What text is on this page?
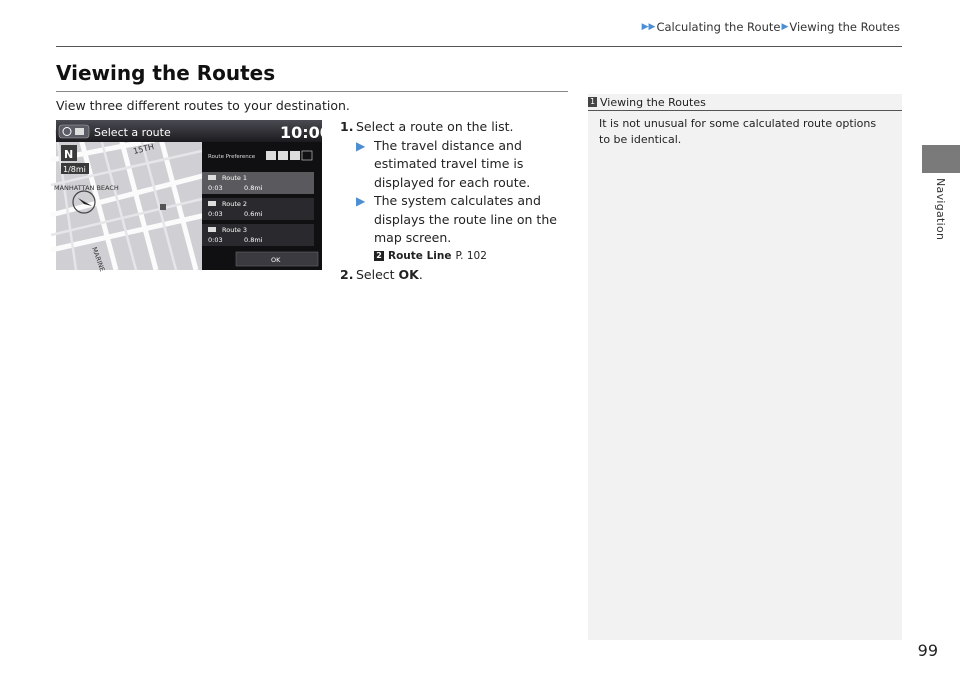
▶▶ Calculating the Route ▶ Viewing the Routes
Navigation
Viewing the Routes
View three different routes to your destination.
Select a route	10:00
N
1/8mi
15TH
MANHATTAN BEACH
MARINE
Route Preference
Route 1
0:03	0.8mi
Route 2
0:03	0.6mi
Route 3
0:03	0.8mi
OK
1. Select a route on the list.
▶ The travel distance and estimated travel time is displayed for each route.
▶ The system calculates and displays the route line on the map screen.
2 Route Line P. 102
2. Select OK.
1 Viewing the Routes
It is not unusual for some calculated route options to be identical.
99
